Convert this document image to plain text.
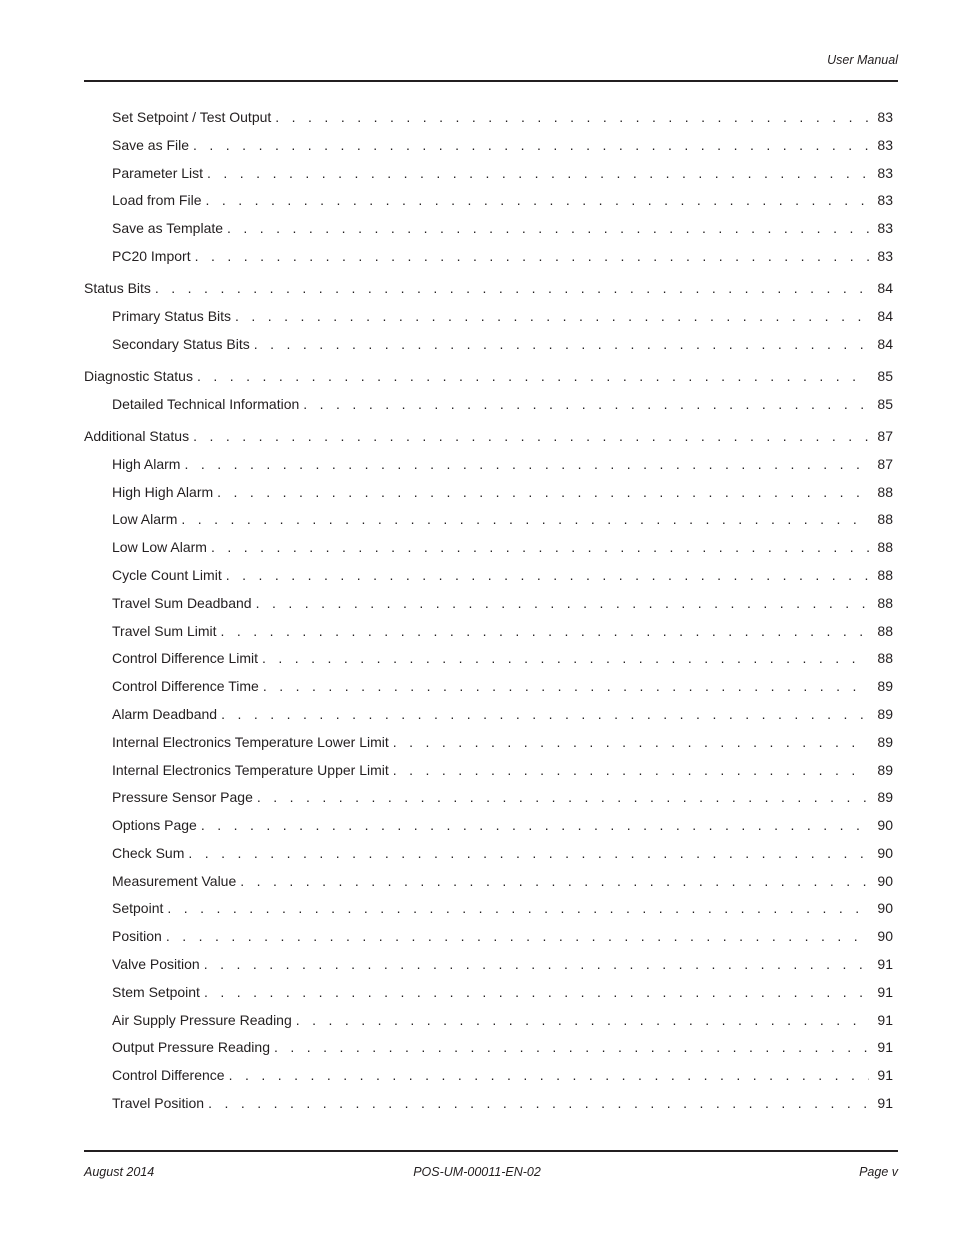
User Manual
Set Setpoint / Test Output . . .	83
Save as File . . .	83
Parameter List . . .	83
Load from File . . .	83
Save as Template . . .	83
PC20 Import . . .	83
Status Bits . . .	84
Primary Status Bits . . .	84
Secondary Status Bits . . .	84
Diagnostic Status . . .	85
Detailed Technical Information . . .	85
Additional Status . . .	87
High Alarm . . .	87
High High Alarm . . .	88
Low Alarm . . .	88
Low Low Alarm . . .	88
Cycle Count Limit . . .	88
Travel Sum Deadband . . .	88
Travel Sum Limit . . .	88
Control Difference Limit . . .	88
Control Difference Time . . .	89
Alarm Deadband . . .	89
Internal Electronics Temperature Lower Limit . . .	89
Internal Electronics Temperature Upper Limit . . .	89
Pressure Sensor Page . . .	89
Options Page . . .	90
Check Sum . . .	90
Measurement Value . . .	90
Setpoint . . .	90
Position . . .	90
Valve Position . . .	91
Stem Setpoint . . .	91
Air Supply Pressure Reading . . .	91
Output Pressure Reading . . .	91
Control Difference . . .	91
Travel Position . . .	91
August 2014	POS-UM-00011-EN-02	Page v
